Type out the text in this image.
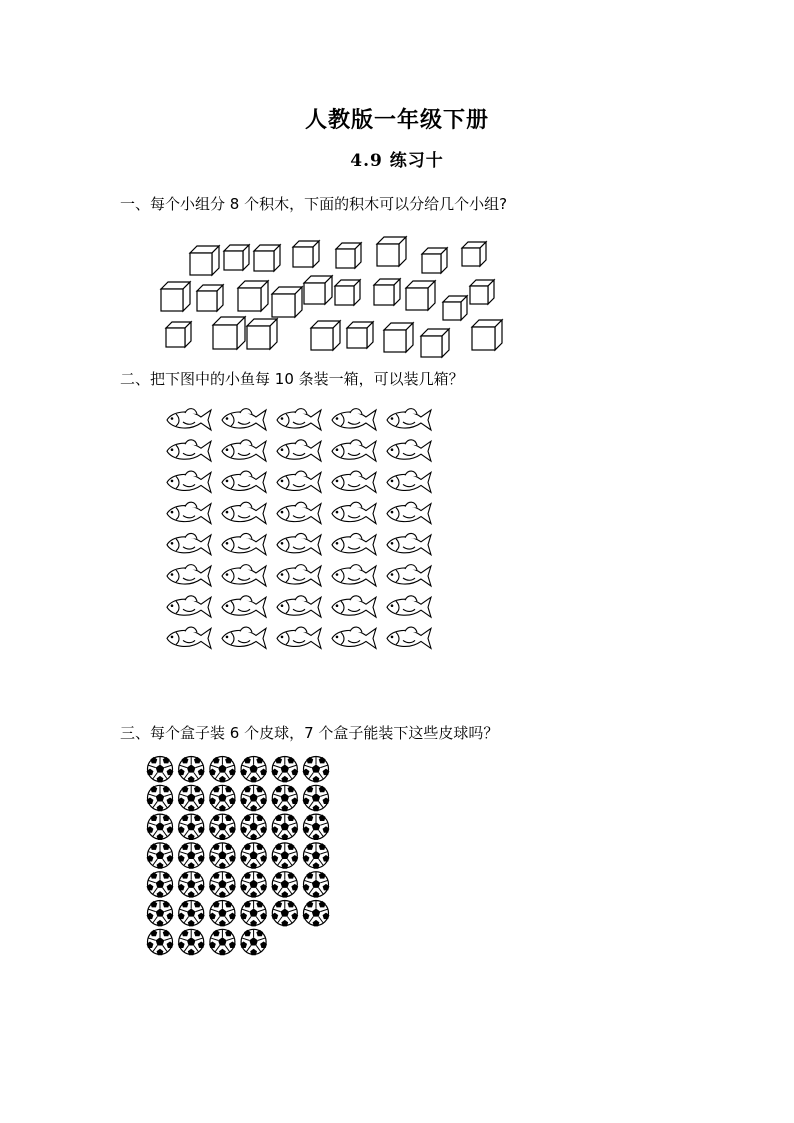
人教版一年级下册
4.9 练习十
一、每个小组分 8 个积木，下面的积木可以分给几个小组?
二、把下图中的小鱼每 10 条装一箱，可以装几箱？
三、每个盒子装 6 个皮球，7 个盒子能装下这些皮球吗？
